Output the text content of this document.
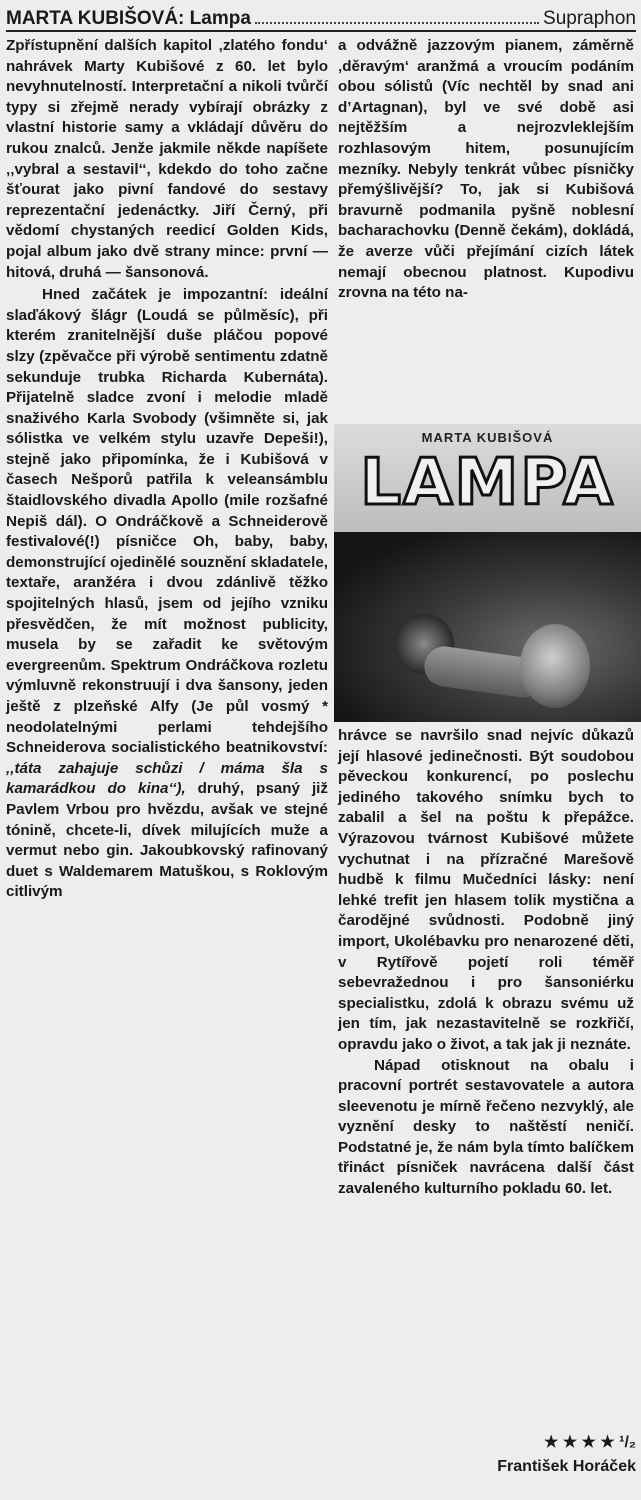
MARTA KUBIŠOVÁ: Lampa	Supraphon

Zpřístupnění dalších kapitol ‚zlatého fondu‘ nahrávek Marty Kubišové z 60. let bylo nevyhnutelností. Interpretační a nikoli tvůrčí typy si zřejmě nerady vybírají obrázky z vlastní historie samy a vkládají důvěru do rukou znalců. Jenže jakmile někde napíšete ‚‚vybral a sestavil‘‘, kdekdo do toho začne šťourat jako pivní fandové do sestavy reprezentační jedenáctky. Jiří Černý, při vědomí chystaných reedicí Golden Kids, pojal album jako dvě strany mince: první — hitová, druhá — šansonová.

Hned začátek je impozantní: ideální slaďákový šlágr (Loudá se půlměsíc), při kterém zranitelnější duše pláčou popové slzy (zpěvačce při výrobě sentimentu zdatně sekunduje trubka Richarda Kubernáta). Přijatelně sladce zvoní i melodie mladě snaživého Karla Svobody (všimněte si, jak sólistka ve velkém stylu uzavře Depeši!), stejně jako připomínka, že i Kubišová v časech Nešporů patřila k veleansámblu štaidlovského divadla Apollo (mile rozšafné Nepiš dál). O Ondráčkově a Schneiderově festivalové(!) písničce Oh, baby, baby, demonstrující ojedinělé souznění skladatele, textaře, aranžéra i dvou zdánlivě těžko spojitelných hlasů, jsem od jejího vzniku přesvědčen, že mít možnost publicity, musela by se zařadit ke světovým evergreenům. Spektrum Ondráčkova rozletu výmluvně rekonstruují i dva šansony, jeden ještě z plzeňské Alfy (Je půl vosmý * neodolatelnými perlami tehdejšího Schneiderova socialistického beatnikovství: ‚‚táta zahajuje schůzi / máma šla s kamarádkou do kina‘‘), druhý, psaný již Pavlem Vrbou pro hvězdu, avšak ve stejné tónině, chcete-li, dívek milujících muže a vermut nebo gin. Jakoubkovský rafinovaný duet s Waldemarem Matuškou, s Roklovým citlivým

a odvážně jazzovým pianem, záměrně ‚děravým‘ aranžmá a vroucím podáním obou sólistů (Víc nechtěl by snad ani d’Artagnan), byl ve své době asi nejtěžším a nejrozvleklejším rozhlasovým hitem, posunujícím mezníky. Nebyly tenkrát vůbec písničky přemýšlivější? To, jak si Kubišová bravurně podmanila pyšně noblesní bacharachovku (Denně čekám), dokládá, že averze vůči přejímání cizích látek nemají obecnou platnost. Kupodivu zrovna na této na-

MARTA KUBIŠOVÁ
LAMPA

hrávce se navršilo snad nejvíc důkazů její hlasové jedinečnosti. Být soudobou pěveckou konkurencí, po poslechu jediného takového snímku bych to zabalil a šel na poštu k přepážce. Výrazovou tvárnost Kubišové můžete vychutnat i na přízračné Marešově hudbě k filmu Mučedníci lásky: není lehké trefit jen hlasem tolik mystična a čarodějné svůdnosti. Podobně jiný import, Ukolébavku pro nenarozené děti, v Rytířově pojetí roli téměř sebevražednou i pro šansoniérku specialistku, zdolá k obrazu svému už jen tím, jak nezastavitelně se rozkřičí, opravdu jako o život, a tak jak ji neznáte.

Nápad otisknout na obalu i pracovní portrét sestavovatele a autora sleevenotu je mírně řečeno nezvyklý, ale vyznění desky to naštěstí neničí. Podstatné je, že nám byla tímto balíčkem třináct písniček navrácena další část zavaleného kulturního pokladu 60. let.

★ ★ ★ ★ ¹/₂
František Horáček
